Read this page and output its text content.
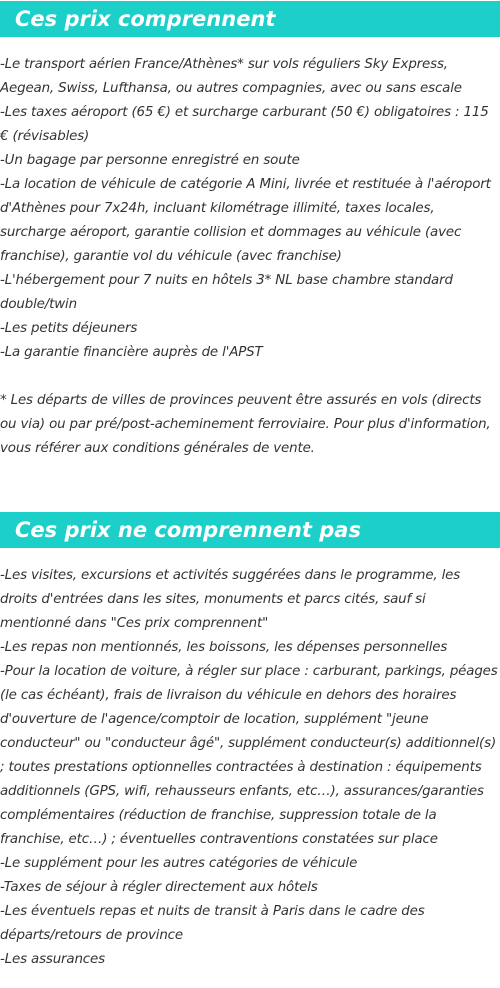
Ces prix comprennent
-Le transport aérien France/Athènes* sur vols réguliers Sky Express, Aegean, Swiss, Lufthansa, ou autres compagnies, avec ou sans escale
-Les taxes aéroport (65 €) et surcharge carburant (50 €) obligatoires : 115 € (révisables)
-Un bagage par personne enregistré en soute
-La location de véhicule de catégorie A Mini, livrée et restituée à l'aéroport d'Athènes pour 7x24h, incluant kilométrage illimité, taxes locales, surcharge aéroport, garantie collision et dommages au véhicule (avec franchise), garantie vol du véhicule (avec franchise)
-L'hébergement pour 7 nuits en hôtels 3* NL base chambre standard double/twin
-Les petits déjeuners
-La garantie financière auprès de l'APST
* Les départs de villes de provinces peuvent être assurés en vols (directs ou via) ou par pré/post-acheminement ferroviaire. Pour plus d'information, vous référer aux conditions générales de vente.
Ces prix ne comprennent pas
-Les visites, excursions et activités suggérées dans le programme, les droits d'entrées dans les sites, monuments et parcs cités, sauf si mentionné dans "Ces prix comprennent"
-Les repas non mentionnés, les boissons, les dépenses personnelles
-Pour la location de voiture, à régler sur place : carburant, parkings, péages (le cas échéant), frais de livraison du véhicule en dehors des horaires d'ouverture de l'agence/comptoir de location, supplément "jeune conducteur" ou "conducteur âgé", supplément conducteur(s) additionnel(s) ; toutes prestations optionnelles contractées à destination : équipements additionnels (GPS, wifi, rehausseurs enfants, etc…), assurances/garanties complémentaires (réduction de franchise, suppression totale de la franchise, etc…) ; éventuelles contraventions constatées sur place
-Le supplément pour les autres catégories de véhicule
-Taxes de séjour à régler directement aux hôtels
-Les éventuels repas et nuits de transit à Paris dans le cadre des départs/retours de province
-Les assurances
